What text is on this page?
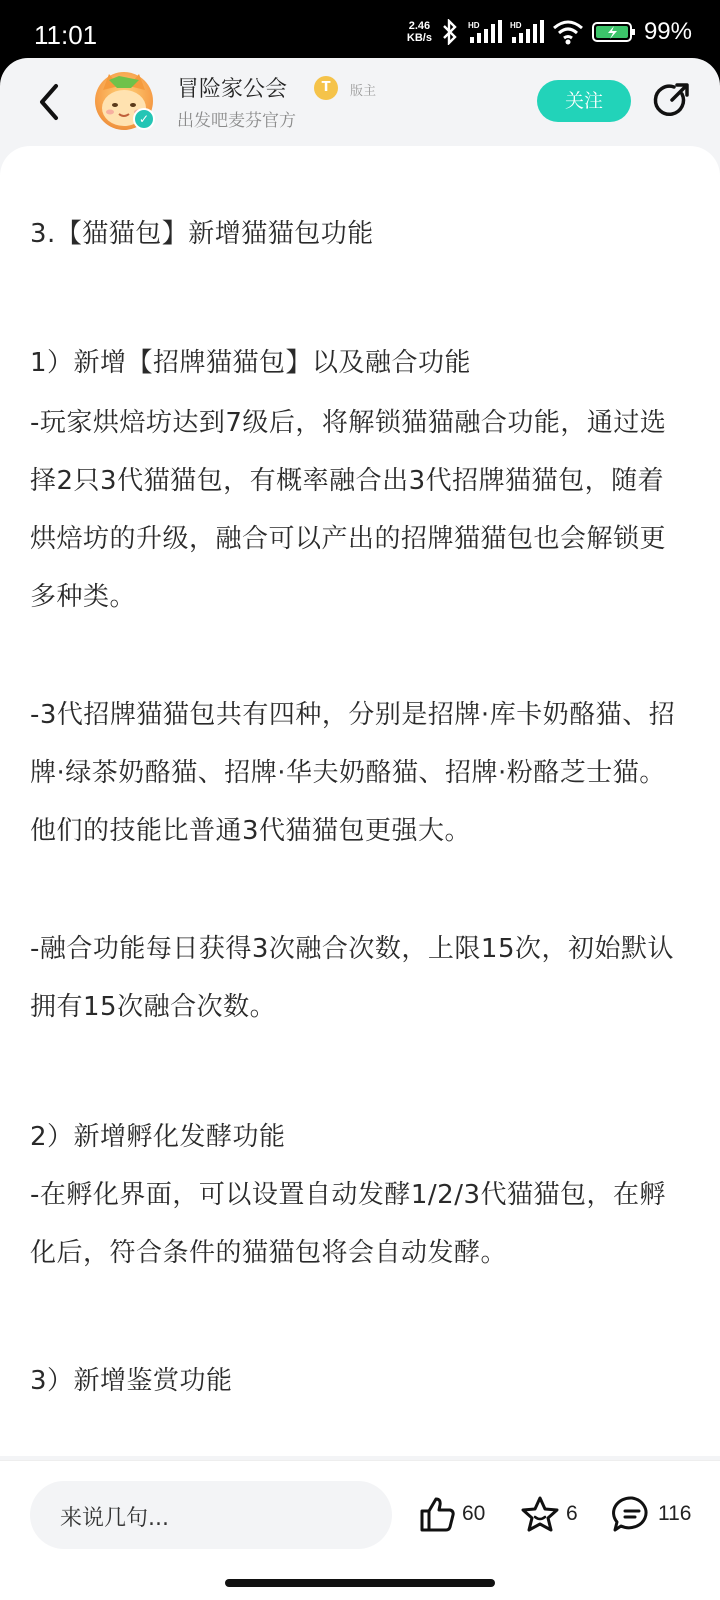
11:01	2.46
KB/s
HD	HD	99%
✓
冒险家公会	T	版主
出发吧麦芬官方
关注
3.【猫猫包】新增猫猫包功能
1）新增【招牌猫猫包】以及融合功能
-玩家烘焙坊达到7级后，将解锁猫猫融合功能，通过选择2只3代猫猫包，有概率融合出3代招牌猫猫包，随着烘焙坊的升级，融合可以产出的招牌猫猫包也会解锁更多种类。
-3代招牌猫猫包共有四种，分别是招牌·库卡奶酪猫、招牌·绿茶奶酪猫、招牌·华夫奶酪猫、招牌·粉酪芝士猫。他们的技能比普通3代猫猫包更强大。
-融合功能每日获得3次融合次数，上限15次，初始默认拥有15次融合次数。
2）新增孵化发酵功能
-在孵化界面，可以设置自动发酵1/2/3代猫猫包，在孵化后，符合条件的猫猫包将会自动发酵。
3）新增鉴赏功能
来说几句...	60	6	116
